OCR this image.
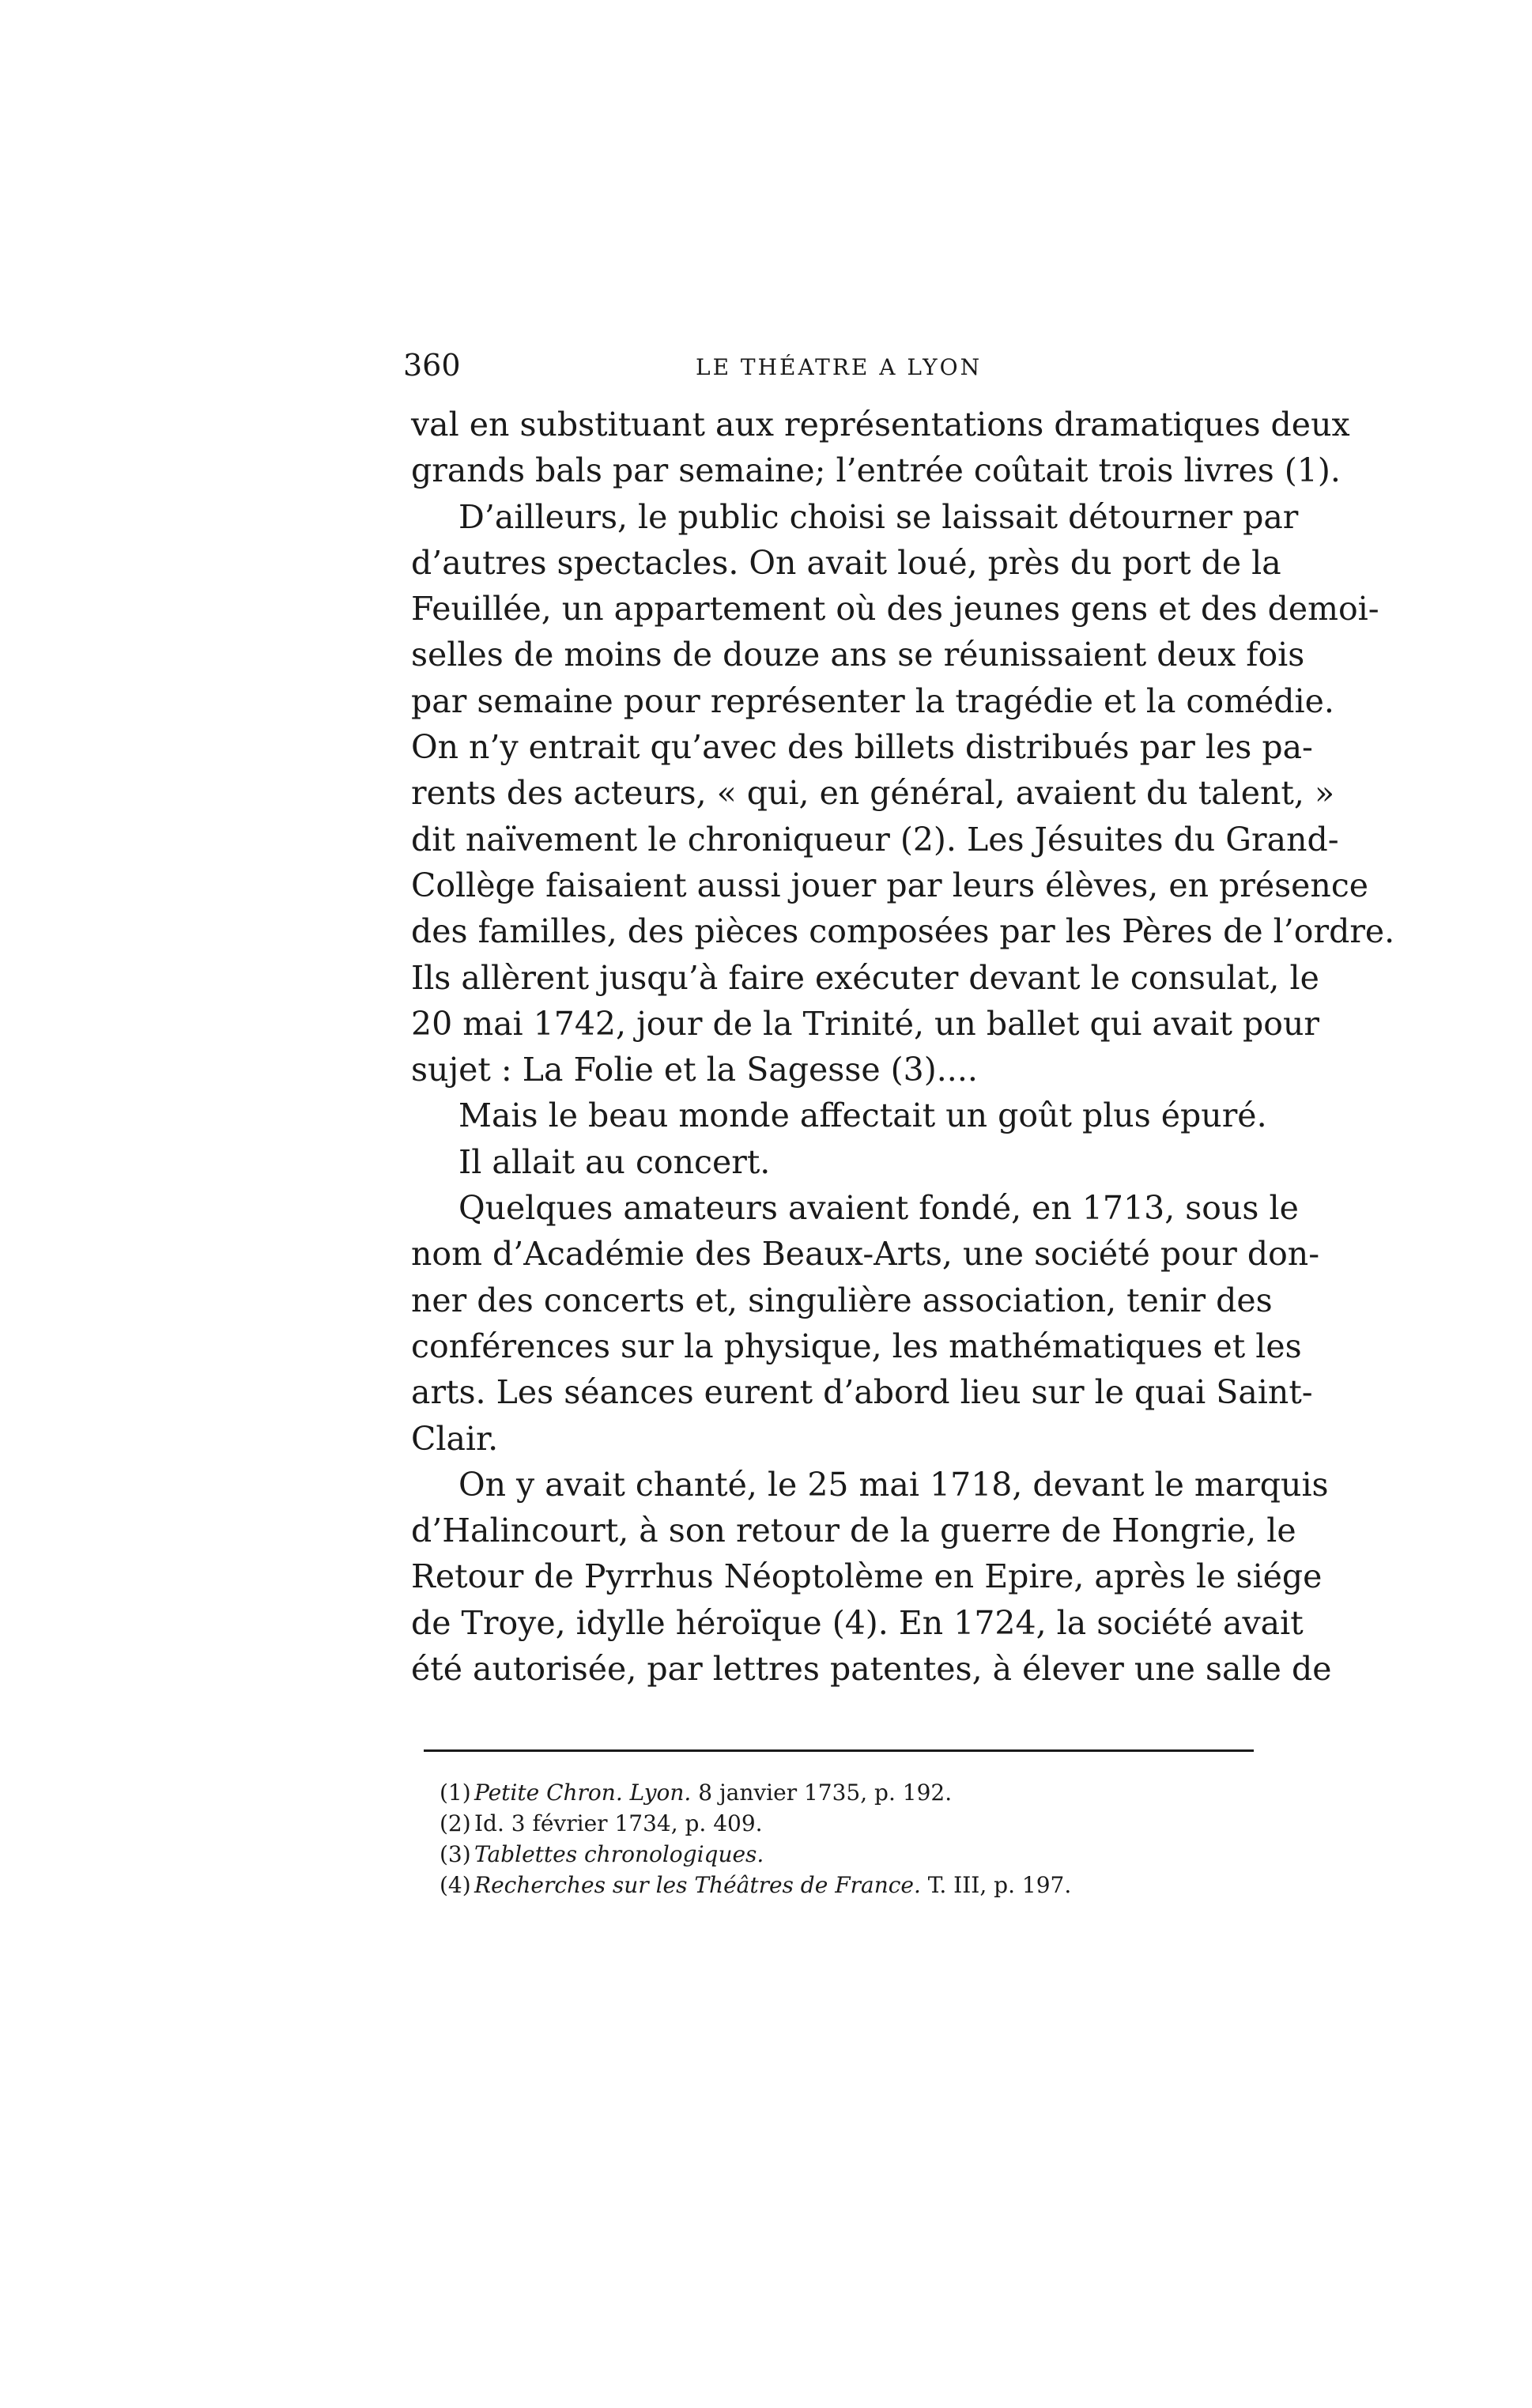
360	LE THÉATRE A LYON
val en substituant aux représentations dramatiques deux
grands bals par semaine; l’entrée coûtait trois livres (1).
D’ailleurs, le public choisi se laissait détourner par
d’autres spectacles. On avait loué, près du port de la
Feuillée, un appartement où des jeunes gens et des demoi-
selles de moins de douze ans se réunissaient deux fois
par semaine pour représenter la tragédie et la comédie.
On n’y entrait qu’avec des billets distribués par les pa-
rents des acteurs, « qui, en général, avaient du talent, »
dit naïvement le chroniqueur (2). Les Jésuites du Grand-
Collège faisaient aussi jouer par leurs élèves, en présence
des familles, des pièces composées par les Pères de l’ordre.
Ils allèrent jusqu’à faire exécuter devant le consulat, le
20 mai 1742, jour de la Trinité, un ballet qui avait pour
sujet : La Folie et la Sagesse (3)....
Mais le beau monde affectait un goût plus épuré.
Il allait au concert.
Quelques amateurs avaient fondé, en 1713, sous le
nom d’Académie des Beaux-Arts, une société pour don-
ner des concerts et, singulière association, tenir des
conférences sur la physique, les mathématiques et les
arts. Les séances eurent d’abord lieu sur le quai Saint-
Clair.
On y avait chanté, le 25 mai 1718, devant le marquis
d’Halincourt, à son retour de la guerre de Hongrie, le
Retour de Pyrrhus Néoptolème en Epire, après le siége
de Troye, idylle héroïque (4). En 1724, la société avait
été autorisée, par lettres patentes, à élever une salle de
(1) Petite Chron. Lyon. 8 janvier 1735, p. 192.
(2) Id. 3 février 1734, p. 409.
(3) Tablettes chronologiques.
(4) Recherches sur les Théâtres de France. T. III, p. 197.
